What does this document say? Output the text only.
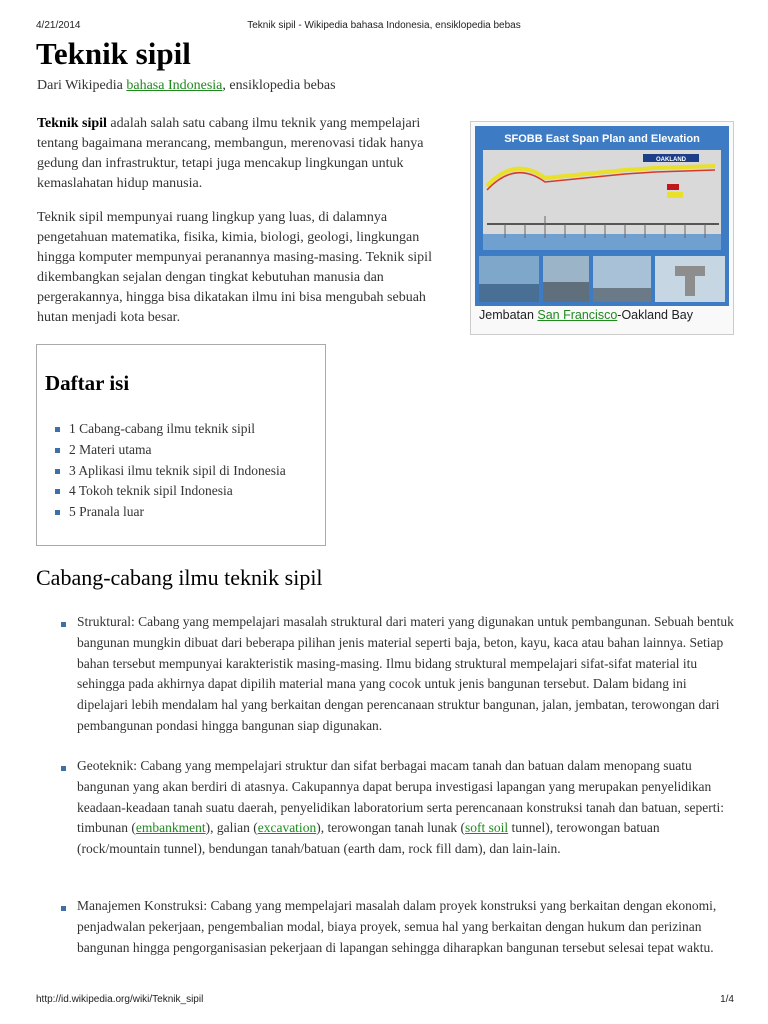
4/21/2014	Teknik sipil - Wikipedia bahasa Indonesia, ensiklopedia bebas
Teknik sipil
Dari Wikipedia bahasa Indonesia, ensiklopedia bebas

Teknik sipil adalah salah satu cabang ilmu teknik yang mempelajari tentang bagaimana merancang, membangun, merenovasi tidak hanya gedung dan infrastruktur, tetapi juga mencakup lingkungan untuk kemaslahatan hidup manusia.

Teknik sipil mempunyai ruang lingkup yang luas, di dalamnya pengetahuan matematika, fisika, kimia, biologi, geologi, lingkungan hingga komputer mempunyai peranannya masing-masing. Teknik sipil dikembangkan sejalan dengan tingkat kebutuhan manusia dan pergerakannya, hingga bisa dikatakan ilmu ini bisa mengubah sebuah hutan menjadi kota besar.

SFOBB East Span Plan and Elevation
OAKLAND
Jembatan San Francisco-Oakland Bay
Daftar isi
1 Cabang-cabang ilmu teknik sipil
2 Materi utama
3 Aplikasi ilmu teknik sipil di Indonesia
4 Tokoh teknik sipil Indonesia
5 Pranala luar
Cabang-cabang ilmu teknik sipil

Struktural: Cabang yang mempelajari masalah struktural dari materi yang digunakan untuk pembangunan. Sebuah bentuk bangunan mungkin dibuat dari beberapa pilihan jenis material seperti baja, beton, kayu, kaca atau bahan lainnya. Setiap bahan tersebut mempunyai karakteristik masing-masing. Ilmu bidang struktural mempelajari sifat-sifat material itu sehingga pada akhirnya dapat dipilih material mana yang cocok untuk jenis bangunan tersebut. Dalam bidang ini dipelajari lebih mendalam hal yang berkaitan dengan perencanaan struktur bangunan, jalan, jembatan, terowongan dari pembangunan pondasi hingga bangunan siap digunakan.

Geoteknik: Cabang yang mempelajari struktur dan sifat berbagai macam tanah dan batuan dalam menopang suatu bangunan yang akan berdiri di atasnya. Cakupannya dapat berupa investigasi lapangan yang merupakan penyelidikan keadaan-keadaan tanah suatu daerah, penyelidikan laboratorium serta perencanaan konstruksi tanah dan batuan, seperti: timbunan (embankment), galian (excavation), terowongan tanah lunak (soft soil tunnel), terowongan batuan (rock/mountain tunnel), bendungan tanah/batuan (earth dam, rock fill dam), dan lain-lain.

Manajemen Konstruksi: Cabang yang mempelajari masalah dalam proyek konstruksi yang berkaitan dengan ekonomi, penjadwalan pekerjaan, pengembalian modal, biaya proyek, semua hal yang berkaitan dengan hukum dan perizinan bangunan hingga pengorganisasian pekerjaan di lapangan sehingga diharapkan bangunan tersebut selesai tepat waktu.

http://id.wikipedia.org/wiki/Teknik_sipil	1/4
